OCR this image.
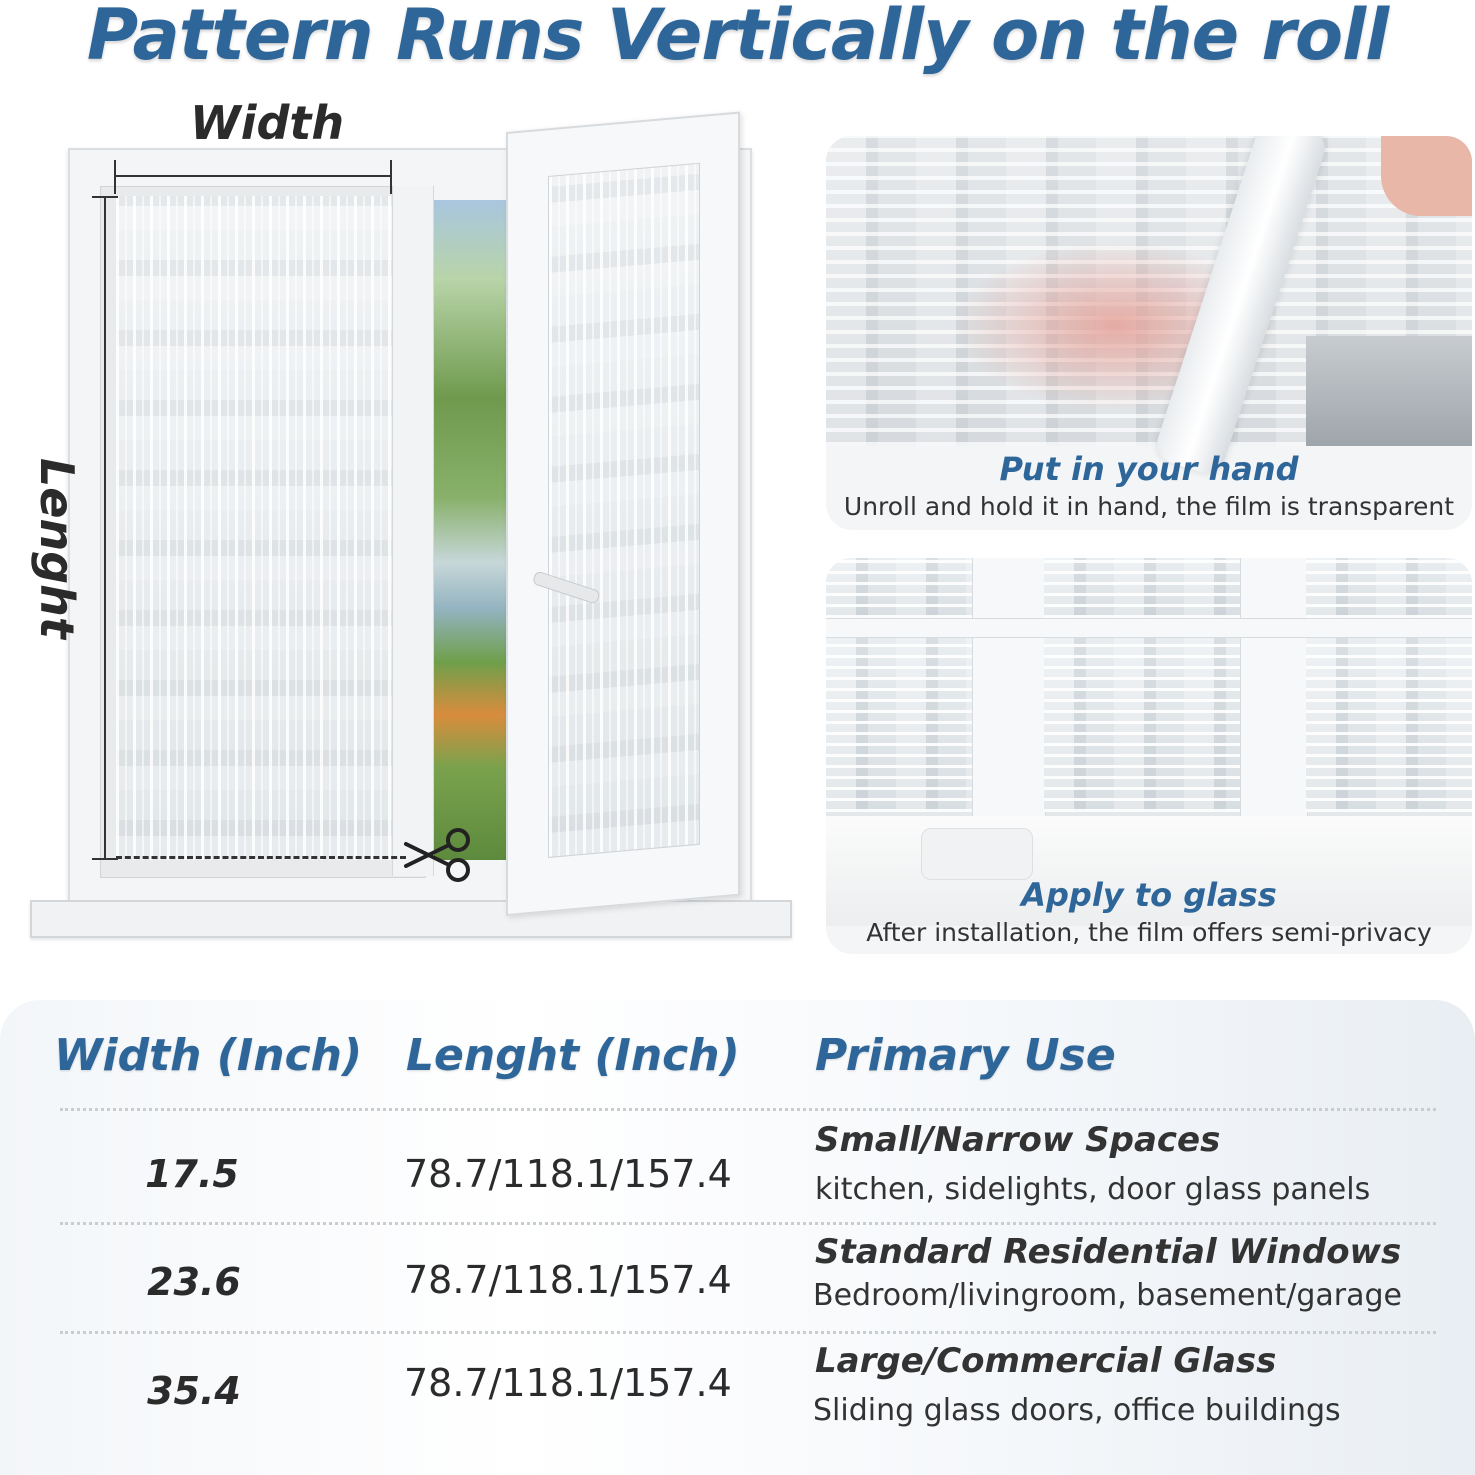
Pattern Runs Vertically on the roll
Width
Lenght	Put in your hand
Unroll and hold it in hand, the film is transparent
Apply to glass
After installation, the film offers semi-privacy
Width (Inch) Lenght (Inch) Primary Use
17.5	78.7/118.1/157.4
Small/Narrow Spaces
kitchen, sidelights, door glass panels
23.6	78.7/118.1/157.4
Standard Residential Windows
Bedroom/livingroom, basement/garage
35.4	78.7/118.1/157.4 Large/Commercial Glass
Sliding glass doors, office buildings
